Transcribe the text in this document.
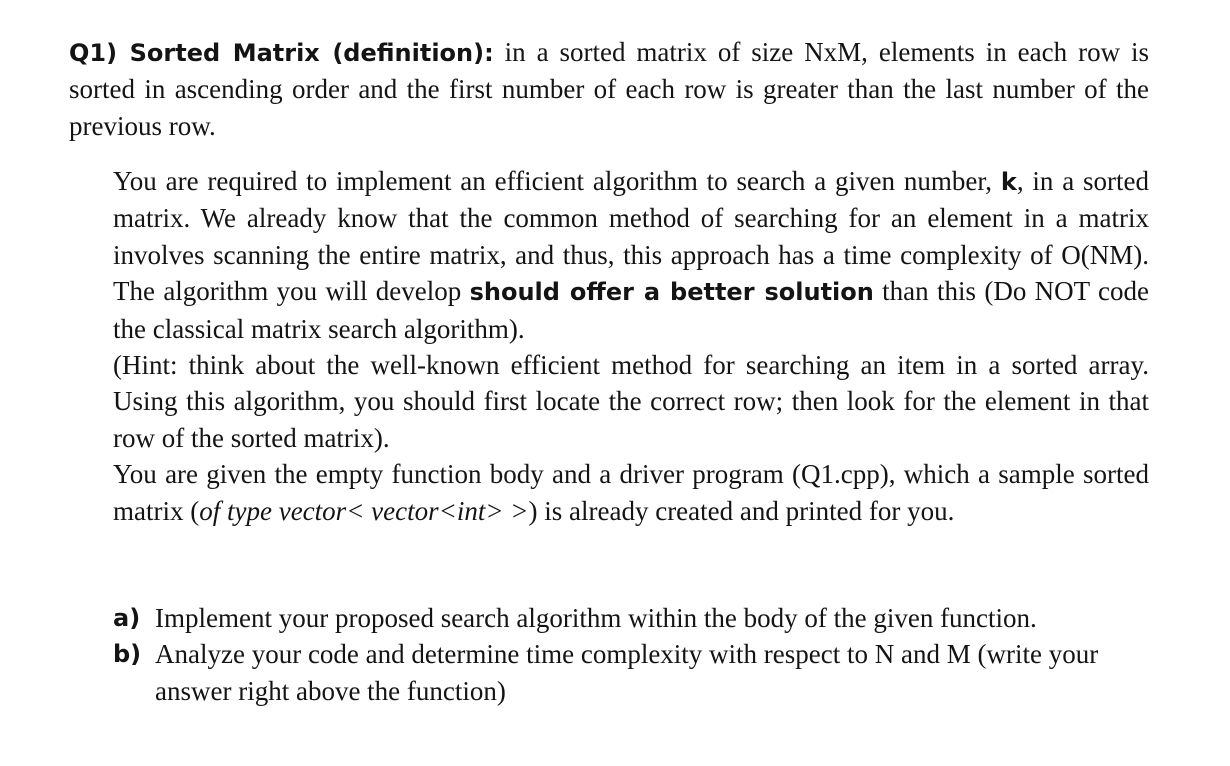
Q1) Sorted Matrix (definition): in a sorted matrix of size NxM, elements in each row is sorted in ascending order and the first number of each row is greater than the last number of the previous row.

You are required to implement an efficient algorithm to search a given number, k, in a sorted matrix. We already know that the common method of searching for an element in a matrix involves scanning the entire matrix, and thus, this approach has a time complexity of O(NM). The algorithm you will develop should offer a better solution than this (Do NOT code the classical matrix search algorithm).

(Hint: think about the well-known efficient method for searching an item in a sorted array. Using this algorithm, you should first locate the correct row; then look for the element in that row of the sorted matrix).

You are given the empty function body and a driver program (Q1.cpp), which a sample sorted matrix (of type vector< vector<int> >) is already created and printed for you.

a) Implement your proposed search algorithm within the body of the given function.
b) Analyze your code and determine time complexity with respect to N and M (write your answer right above the function)
